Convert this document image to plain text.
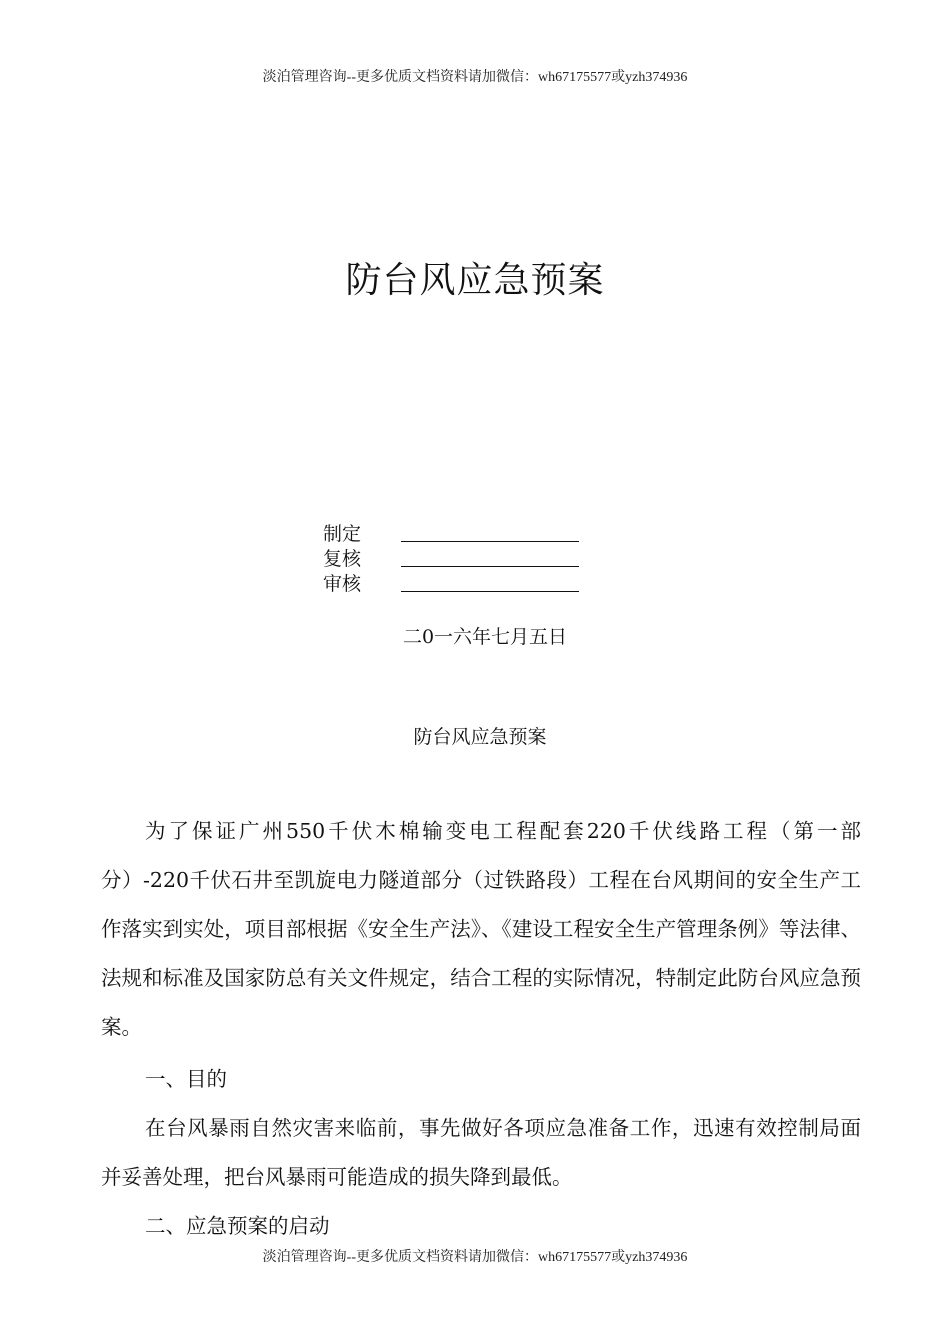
淡泊管理咨询--更多优质文档资料请加微信：wh67175577或yzh374936
防台风应急预案
制定
复核
审核
二0一六年七月五日
防台风应急预案
为了保证广州550千伏木棉输变电工程配套220千伏线路工程（第一部分）-220千伏石井至凯旋电力隧道部分（过铁路段）工程在台风期间的安全生产工作落实到实处，项目部根据《安全生产法》、《建设工程安全生产管理条例》等法律、法规和标准及国家防总有关文件规定，结合工程的实际情况，特制定此防台风应急预案。
一、目的
在台风暴雨自然灾害来临前，事先做好各项应急准备工作，迅速有效控制局面并妥善处理，把台风暴雨可能造成的损失降到最低。
二、应急预案的启动
淡泊管理咨询--更多优质文档资料请加微信：wh67175577或yzh374936
